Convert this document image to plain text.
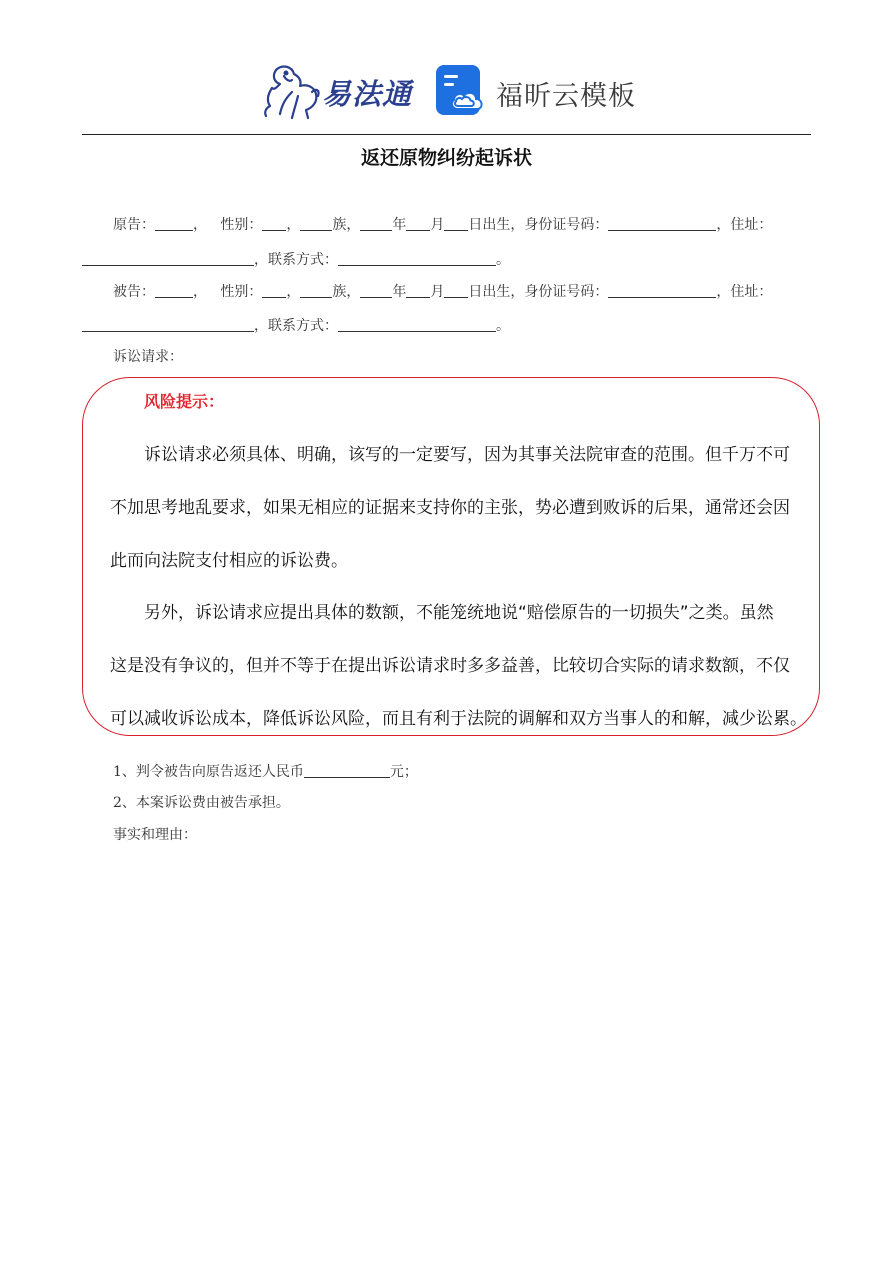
易法通	福昕云模板
返还原物纠纷起诉状
原告：	，   性别： ， 族， 年 月 日出生，身份证号码：	，住址：
，联系方式：	。
被告：	，   性别： ， 族， 年 月 日出生，身份证号码：	，住址：
，联系方式：	。
诉讼请求：
风险提示：
诉讼请求必须具体、明确，该写的一定要写，因为其事关法院审查的范围。但千万不可
不加思考地乱要求，如果无相应的证据来支持你的主张，势必遭到败诉的后果，通常还会因
此而向法院支付相应的诉讼费。
另外，诉讼请求应提出具体的数额，不能笼统地说“赔偿原告的一切损失”之类。虽然
这是没有争议的，但并不等于在提出诉讼请求时多多益善，比较切合实际的请求数额，不仅
可以减收诉讼成本，降低诉讼风险，而且有利于法院的调解和双方当事人的和解，减少讼累。
1、判令被告向原告返还人民币	元；
2、本案诉讼费由被告承担。
事实和理由：
